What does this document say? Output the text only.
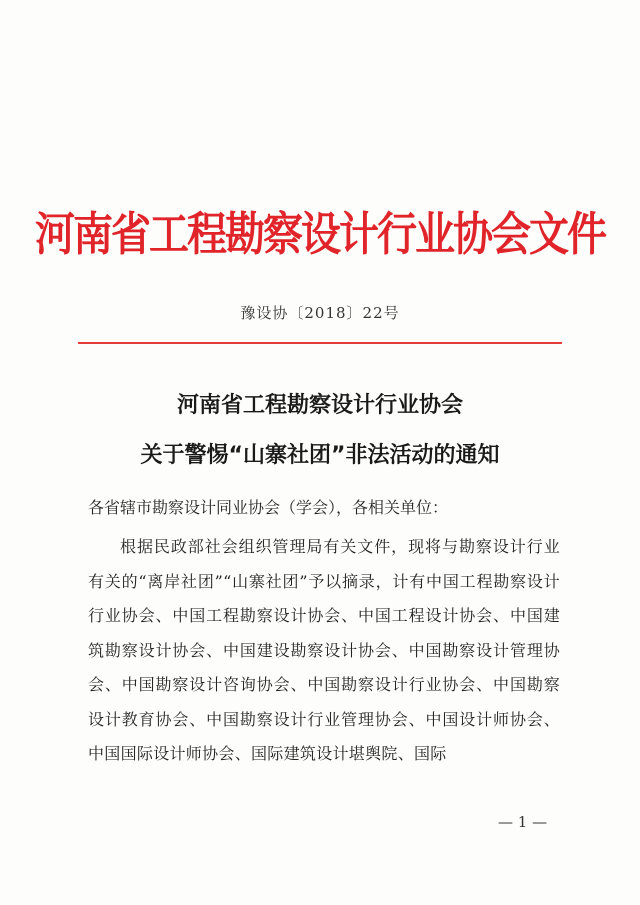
河南省工程勘察设计行业协会文件
豫设协〔2018〕22号
河南省工程勘察设计行业协会
关于警惕“山寨社团”非法活动的通知
各省辖市勘察设计同业协会（学会），各相关单位：
根据民政部社会组织管理局有关文件，现将与勘察设计行业有关的“离岸社团”“山寨社团”予以摘录，计有中国工程勘察设计行业协会、中国工程勘察设计协会、中国工程设计协会、中国建筑勘察设计协会、中国建设勘察设计协会、中国勘察设计管理协会、中国勘察设计咨询协会、中国勘察设计行业协会、中国勘察设计教育协会、中国勘察设计行业管理协会、中国设计师协会、中国国际设计师协会、国际建筑设计堪舆院、国际
— 1 —
